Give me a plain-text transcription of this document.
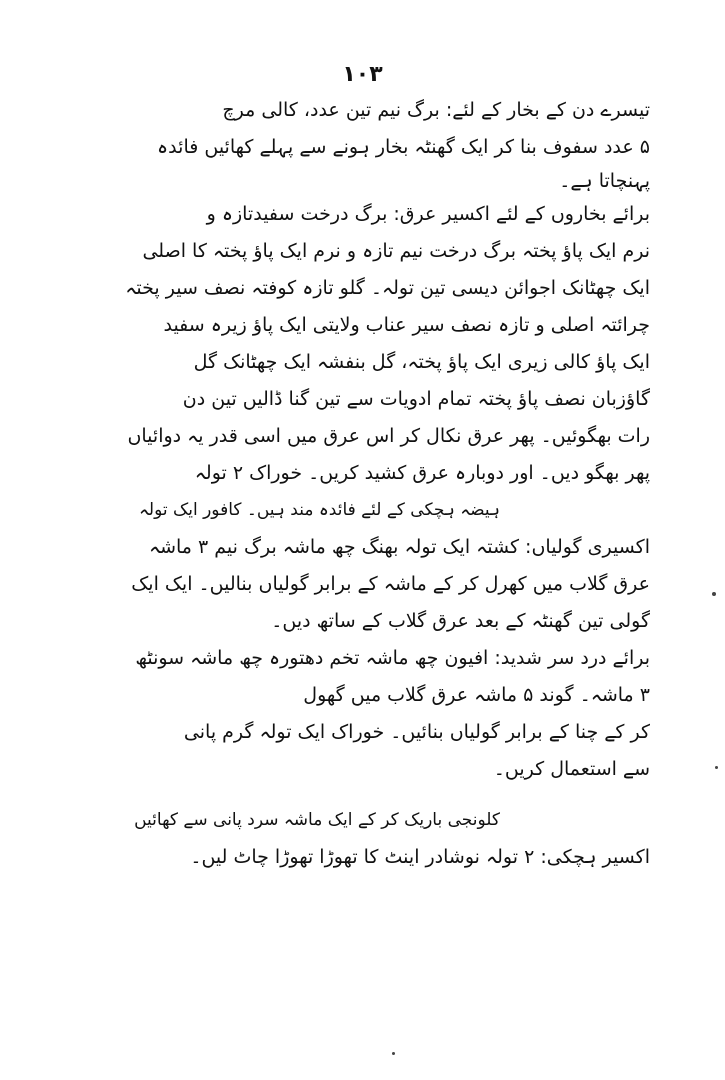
۱۰۳
تیسرے دن کے بخار کے لئے: برگ نیم تین عدد، کالی مرچ
۵ عدد سفوف بنا کر ایک گھنٹہ بخار ہونے سے پہلے کھائیں فائدہ
پہنچاتا ہے۔
برائے بخاروں کے لئے اکسیر عرق: برگ درخت سفیدتازہ و
نرم ایک پاؤ پختہ برگ درخت نیم تازہ و نرم ایک پاؤ پختہ کا اصلی
ایک چھٹانک اجوائن دیسی تین تولہ۔ گلو تازہ کوفتہ نصف سیر پختہ
چرائتہ اصلی و تازہ نصف سیر عناب ولایتی ایک پاؤ زیرہ سفید
ایک پاؤ کالی زیری ایک پاؤ پختہ، گل بنفشہ ایک چھٹانک گل
گاؤزبان نصف پاؤ پختہ تمام ادویات سے تین گنا ڈالیں تین دن
رات بھگوئیں۔ پھر عرق نکال کر اس عرق میں اسی قدر یہ دوائیاں
پھر بھگو دیں۔ اور دوبارہ عرق کشید کریں۔ خوراک ۲ تولہ
ہیضہ ہچکی کے لئے فائدہ مند ہیں۔ کافور ایک تولہ
اکسیری گولیاں: کشتہ ایک تولہ بھنگ چھ ماشہ برگ نیم ۳ ماشہ
عرق گلاب میں کھرل کر کے ماشہ کے برابر گولیاں بنالیں۔ ایک ایک
گولی تین گھنٹہ کے بعد عرق گلاب کے ساتھ دیں۔
برائے درد سر شدید: افیون چھ ماشہ تخم دھتورہ چھ ماشہ سونٹھ
۳ ماشہ۔ گوند ۵ ماشہ عرق گلاب میں گھول
کر کے چنا کے برابر گولیاں بنائیں۔ خوراک ایک تولہ گرم پانی
سے استعمال کریں۔
کلونجی باریک کر کے ایک ماشہ سرد پانی سے کھائیں
اکسیر ہچکی: ۲ تولہ نوشادر اینٹ کا تھوڑا تھوڑا چاٹ لیں۔
